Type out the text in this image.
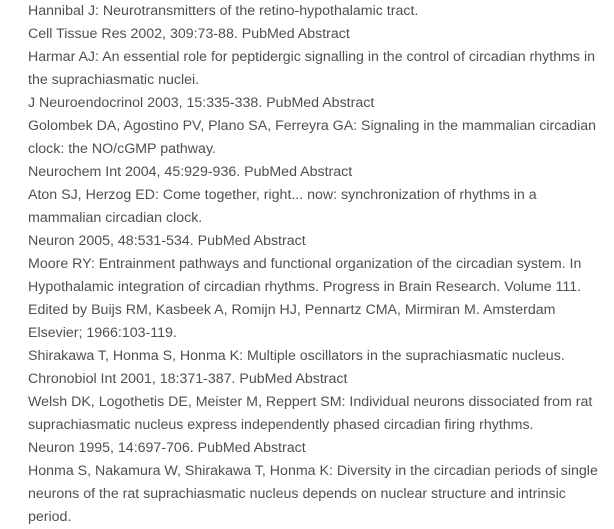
Hannibal J: Neurotransmitters of the retino-hypothalamic tract.
Cell Tissue Res 2002, 309:73-88. PubMed Abstract
Harmar AJ: An essential role for peptidergic signalling in the control of circadian rhythms in
the suprachiasmatic nuclei.
J Neuroendocrinol 2003, 15:335-338. PubMed Abstract
Golombek DA, Agostino PV, Plano SA, Ferreyra GA: Signaling in the mammalian circadian
clock: the NO/cGMP pathway.
Neurochem Int 2004, 45:929-936. PubMed Abstract
Aton SJ, Herzog ED: Come together, right... now: synchronization of rhythms in a
mammalian circadian clock.
Neuron 2005, 48:531-534. PubMed Abstract
Moore RY: Entrainment pathways and functional organization of the circadian system. In
Hypothalamic integration of circadian rhythms. Progress in Brain Research. Volume 111.
Edited by Buijs RM, Kasbeek A, Romijn HJ, Pennartz CMA, Mirmiran M. Amsterdam
Elsevier; 1966:103-119.
Shirakawa T, Honma S, Honma K: Multiple oscillators in the suprachiasmatic nucleus.
Chronobiol Int 2001, 18:371-387. PubMed Abstract
Welsh DK, Logothetis DE, Meister M, Reppert SM: Individual neurons dissociated from rat
suprachiasmatic nucleus express independently phased circadian firing rhythms.
Neuron 1995, 14:697-706. PubMed Abstract
Honma S, Nakamura W, Shirakawa T, Honma K: Diversity in the circadian periods of single
neurons of the rat suprachiasmatic nucleus depends on nuclear structure and intrinsic
period.
